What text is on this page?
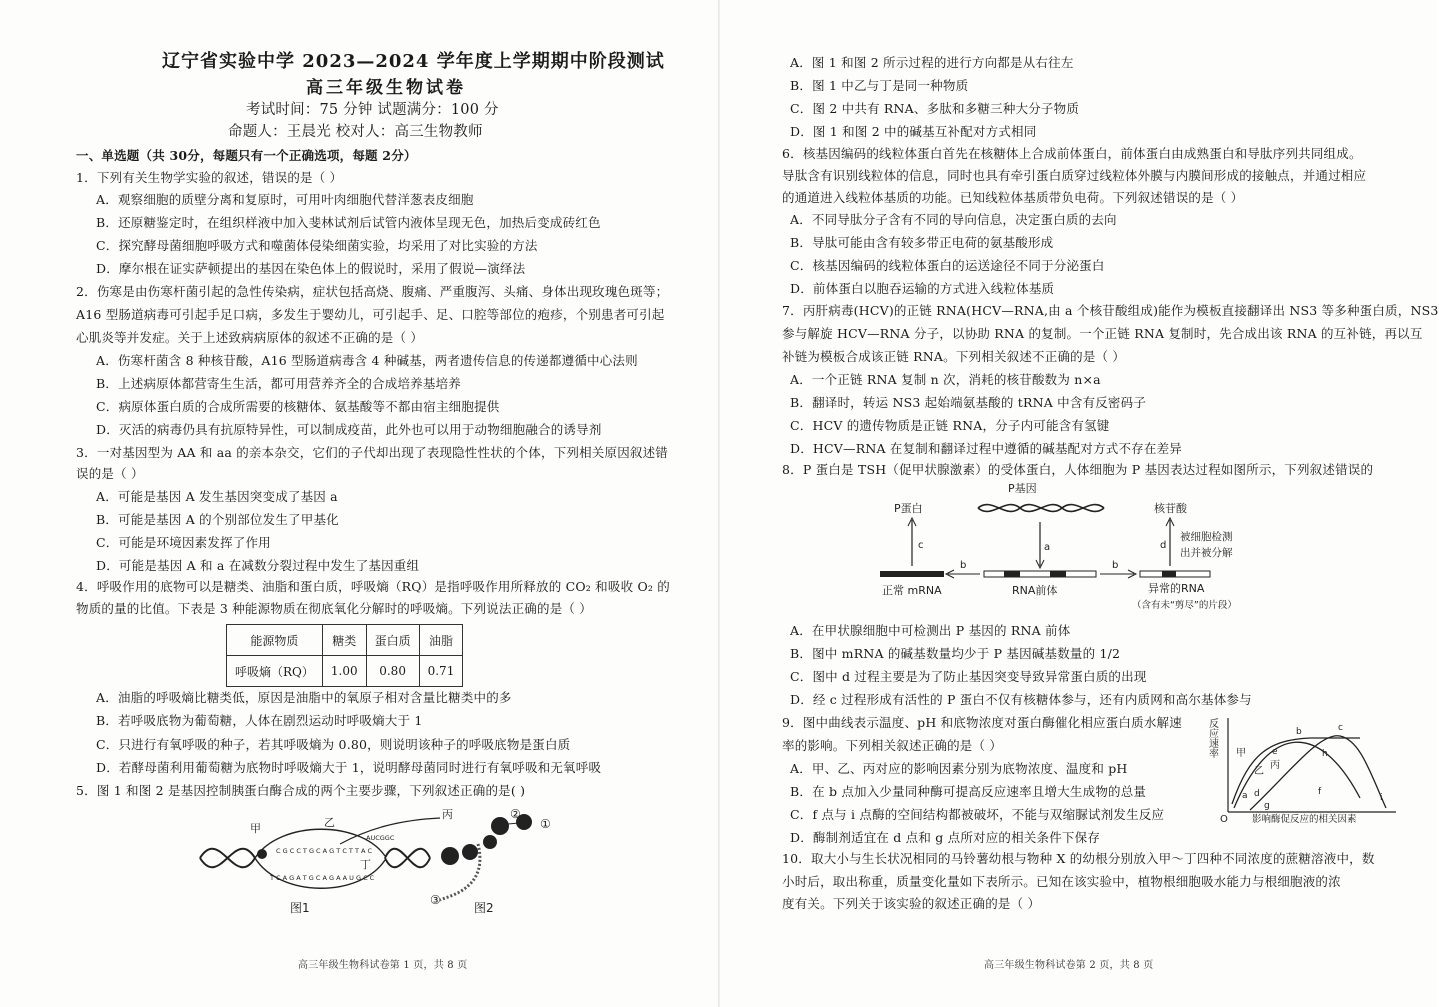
辽宁省实验中学 2023—2024 学年度上学期期中阶段测试
高三年级生物试卷
考试时间：75 分钟 试题满分：100 分
命题人：王晨光 校对人：高三生物教师
一、单选题（共 30分，每题只有一个正确选项，每题 2分）
1．下列有关生物学实验的叙述，错误的是（ ）
A．观察细胞的质壁分离和复原时，可用叶肉细胞代替洋葱表皮细胞
B．还原糖鉴定时，在组织样液中加入斐林试剂后试管内液体呈现无色，加热后变成砖红色
C．探究酵母菌细胞呼吸方式和噬菌体侵染细菌实验，均采用了对比实验的方法
D．摩尔根在证实萨顿提出的基因在染色体上的假说时，采用了假说—演绎法
2．伤寒是由伤寒杆菌引起的急性传染病，症状包括高烧、腹痛、严重腹泻、头痛、身体出现玫瑰色斑等；
A16 型肠道病毒可引起手足口病，多发生于婴幼儿，可引起手、足、口腔等部位的疱疹，个别患者可引起
心肌炎等并发症。关于上述致病病原体的叙述不正确的是（ ）
A．伤寒杆菌含 8 种核苷酸，A16 型肠道病毒含 4 种碱基，两者遗传信息的传递都遵循中心法则
B．上述病原体都营寄生生活，都可用营养齐全的合成培养基培养
C．病原体蛋白质的合成所需要的核糖体、氨基酸等不都由宿主细胞提供
D．灭活的病毒仍具有抗原特异性，可以制成疫苗，此外也可以用于动物细胞融合的诱导剂
3．一对基因型为 AA 和 aa 的亲本杂交，它们的子代却出现了表现隐性性状的个体，下列相关原因叙述错
误的是（ ）
A．可能是基因 A 发生基因突变成了基因 a
B．可能是基因 A 的个别部位发生了甲基化
C．可能是环境因素发挥了作用
D．可能是基因 A 和 a 在减数分裂过程中发生了基因重组
4．呼吸作用的底物可以是糖类、油脂和蛋白质，呼吸熵（RQ）是指呼吸作用所释放的 CO₂ 和吸收 O₂ 的
物质的量的比值。下表是 3 种能源物质在彻底氧化分解时的呼吸熵。下列说法正确的是（ ）
能源物质	糖类	蛋白质	油脂
呼吸熵（RQ）	1.00	0.80	0.71
A．油脂的呼吸熵比糖类低，原因是油脂中的氧原子相对含量比糖类中的多
B．若呼吸底物为葡萄糖，人体在剧烈运动时呼吸熵大于 1
C．只进行有氧呼吸的种子，若其呼吸熵为 0.80，则说明该种子的呼吸底物是蛋白质
D．若酵母菌利用葡萄糖为底物时呼吸熵大于 1，说明酵母菌同时进行有氧呼吸和无氧呼吸
5．图 1 和图 2 是基因控制胰蛋白酶合成的两个主要步骤，下列叙述正确的是( )
C G C C T G C A G T C T T A C
T C A G A T G C A G A A U G C C
AUCGGC
甲	乙
丙
丁
图1
①
②
③
图2
高三年级生物科试卷第 1 页，共 8 页
A．图 1 和图 2 所示过程的进行方向都是从右往左
B．图 1 中乙与丁是同一种物质
C．图 2 中共有 RNA、多肽和多糖三种大分子物质
D．图 1 和图 2 中的碱基互补配对方式相同
6．核基因编码的线粒体蛋白首先在核糖体上合成前体蛋白，前体蛋白由成熟蛋白和导肽序列共同组成。
导肽含有识别线粒体的信息，同时也具有牵引蛋白质穿过线粒体外膜与内膜间形成的接触点，并通过相应
的通道进入线粒体基质的功能。已知线粒体基质带负电荷。下列叙述错误的是（ ）
A．不同导肽分子含有不同的导向信息，决定蛋白质的去向
B．导肽可能由含有较多带正电荷的氨基酸形成
C．核基因编码的线粒体蛋白的运送途径不同于分泌蛋白
D．前体蛋白以胞吞运输的方式进入线粒体基质
7．丙肝病毒(HCV)的正链 RNA(HCV—RNA,由 a 个核苷酸组成)能作为模板直接翻译出 NS3 等多种蛋白质，NS3
参与解旋 HCV—RNA 分子，以协助 RNA 的复制。一个正链 RNA 复制时，先合成出该 RNA 的互补链，再以互
补链为模板合成该正链 RNA。下列相关叙述不正确的是（ ）
A．一个正链 RNA 复制 n 次，消耗的核苷酸数为 n×a
B．翻译时，转运 NS3 起始端氨基酸的 tRNA 中含有反密码子
C．HCV 的遗传物质是正链 RNA，分子内可能含有氢键
D．HCV—RNA 在复制和翻译过程中遵循的碱基配对方式不存在差异
8．P 蛋白是 TSH（促甲状腺激素）的受体蛋白，人体细胞为 P 基因表达过程如图所示，下列叙述错误的
P基因
a
RNA前体
b
正常 mRNA
c
P蛋白
b
异常的RNA
（含有未“剪尽”的片段）
d
核苷酸
被细胞检测
出并被分解
A．在甲状腺细胞中可检测出 P 基因的 RNA 前体
B．图中 mRNA 的碱基数量均少于 P 基因碱基数量的 1/2
C．图中 d 过程主要是为了防止基因突变导致异常蛋白质的出现
D．经 c 过程形成有活性的 P 蛋白不仅有核糖体参与，还有内质网和高尔基体参与
9．图中曲线表示温度、pH 和底物浓度对蛋白酶催化相应蛋白质水解速
率的影响。下列相关叙述正确的是（ ）
A．甲、乙、丙对应的影响因素分别为底物浓度、温度和 pH
B．在 b 点加入少量同种酶可提高反应速率且增大生成物的总量
C．f 点与 i 点酶的空间结构都被破坏，不能与双缩脲试剂发生反应
D．酶制剂适宜在 d 点和 g 点所对应的相关条件下保存
反应速率
O	影响酶促反应的相关因素
甲
乙
丙
a
b	c
d
e
f
g
h
i
10．取大小与生长状况相同的马铃薯幼根与物种 X 的幼根分别放入甲～丁四种不同浓度的蔗糖溶液中，数
小时后，取出称重，质量变化量如下表所示。已知在该实验中，植物根细胞吸水能力与根细胞液的浓
度有关。下列关于该实验的叙述正确的是（ ）
高三年级生物科试卷第 2 页，共 8 页
